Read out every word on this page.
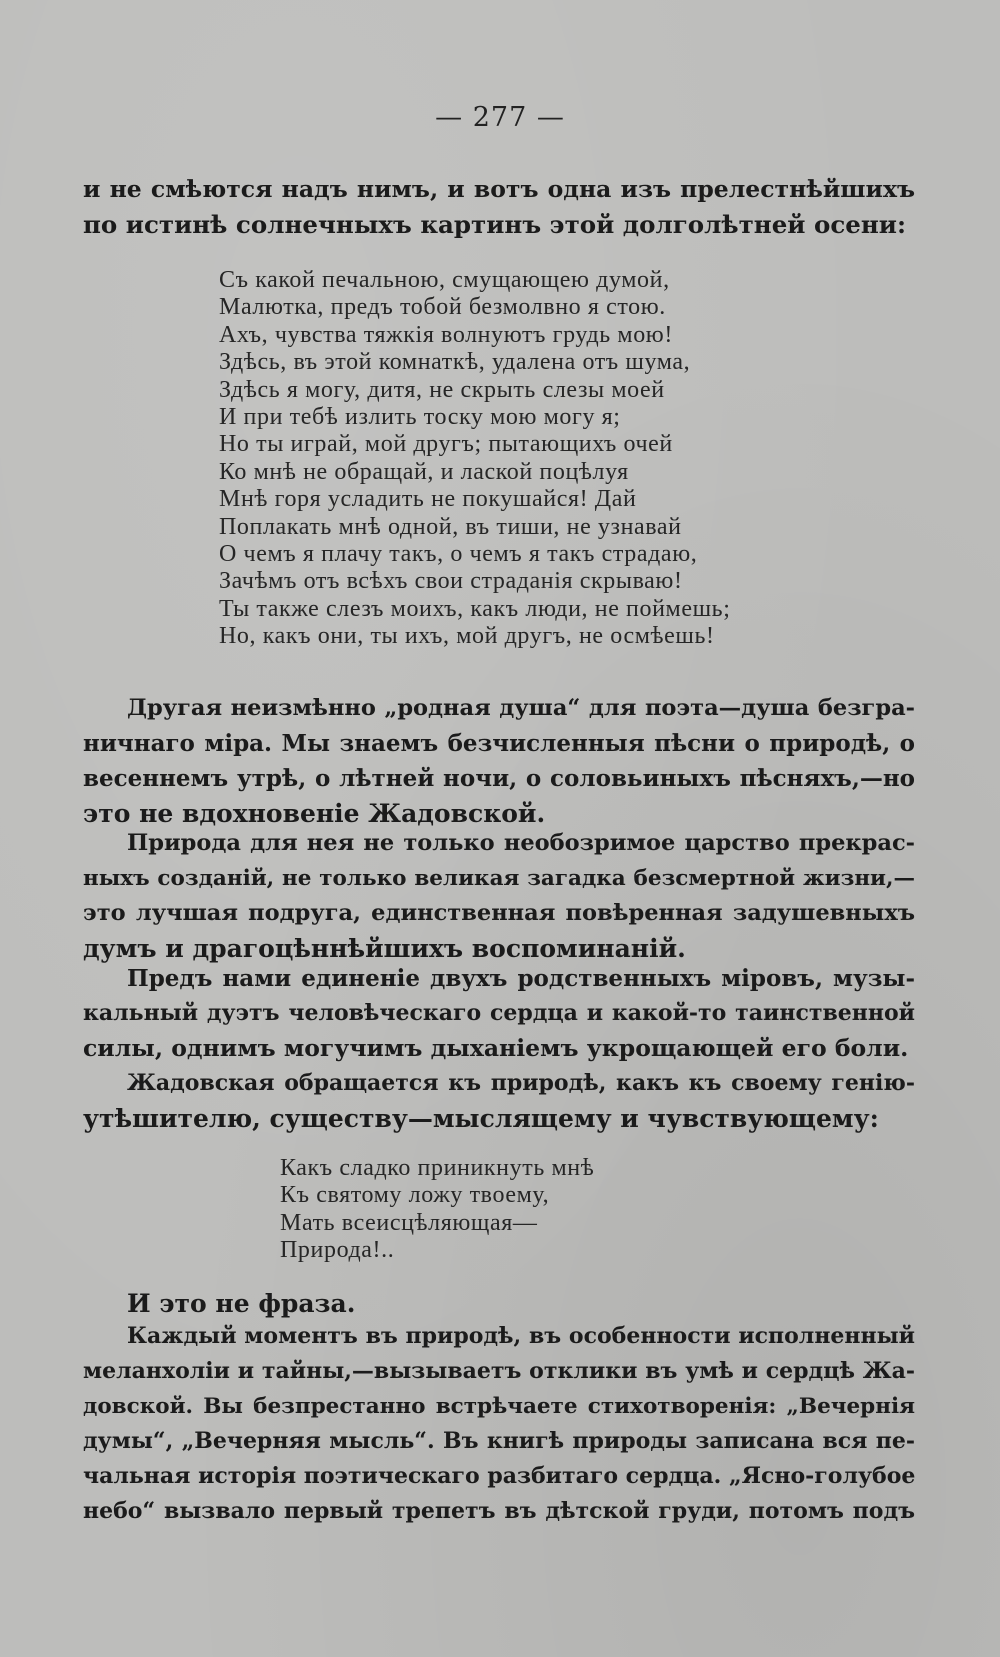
— 277 —

и не смѣются надъ нимъ, и вотъ одна изъ прелестнѣйшихъ

по истинѣ солнечныхъ картинъ этой долголѣтней осени:

Съ какой печальною, смущающею думой,
Малютка, предъ тобой безмолвно я стою.
Ахъ, чувства тяжкія волнуютъ грудь мою!
Здѣсь, въ этой комнаткѣ, удалена отъ шума,
Здѣсь я могу, дитя, не скрыть слезы моей
И при тебѣ излить тоску мою могу я;
Но ты играй, мой другъ; пытающихъ очей
Ко мнѣ не обращай, и лаской поцѣлуя
Мнѣ горя усладить не покушайся! Дай
Поплакать мнѣ одной, въ тиши, не узнавай
О чемъ я плачу такъ, о чемъ я такъ страдаю,
Зачѣмъ отъ всѣхъ свои страданія скрываю!
Ты также слезъ моихъ, какъ люди, не поймешь;
Но, какъ они, ты ихъ, мой другъ, не осмѣешь!

Другая неизмѣнно „родная душа“ для поэта—душа безгра-

ничнаго міра. Мы знаемъ безчисленныя пѣсни о природѣ, о

весеннемъ утрѣ, о лѣтней ночи, о соловьиныхъ пѣсняхъ,—но

это не вдохновеніе Жадовской.

Природа для нея не только необозримое царство прекрас-

ныхъ созданій, не только великая загадка безсмертной жизни,—

это лучшая подруга, единственная повѣренная задушевныхъ

думъ и драгоцѣннѣйшихъ воспоминаній.

Предъ нами единеніе двухъ родственныхъ міровъ, музы-

кальный дуэтъ человѣческаго сердца и какой-то таинственной

силы, однимъ могучимъ дыханіемъ укрощающей его боли.

Жадовская обращается къ природѣ, какъ къ своему генію-

утѣшителю, существу—мыслящему и чувствующему:

Какъ сладко приникнуть мнѣ
Къ святому ложу твоему,
Мать всеисцѣляющая—
Природа!..

И это не фраза.

Каждый моментъ въ природѣ, въ особенности исполненный

меланхоліи и тайны,—вызываетъ отклики въ умѣ и сердцѣ Жа-

довской. Вы безпрестанно встрѣчаете стихотворенія: „Вечернія

думы“, „Вечерняя мысль“. Въ книгѣ природы записана вся пе-

чальная исторія поэтическаго разбитаго сердца. „Ясно-голубое

небо“ вызвало первый трепетъ въ дѣтской груди, потомъ подъ
